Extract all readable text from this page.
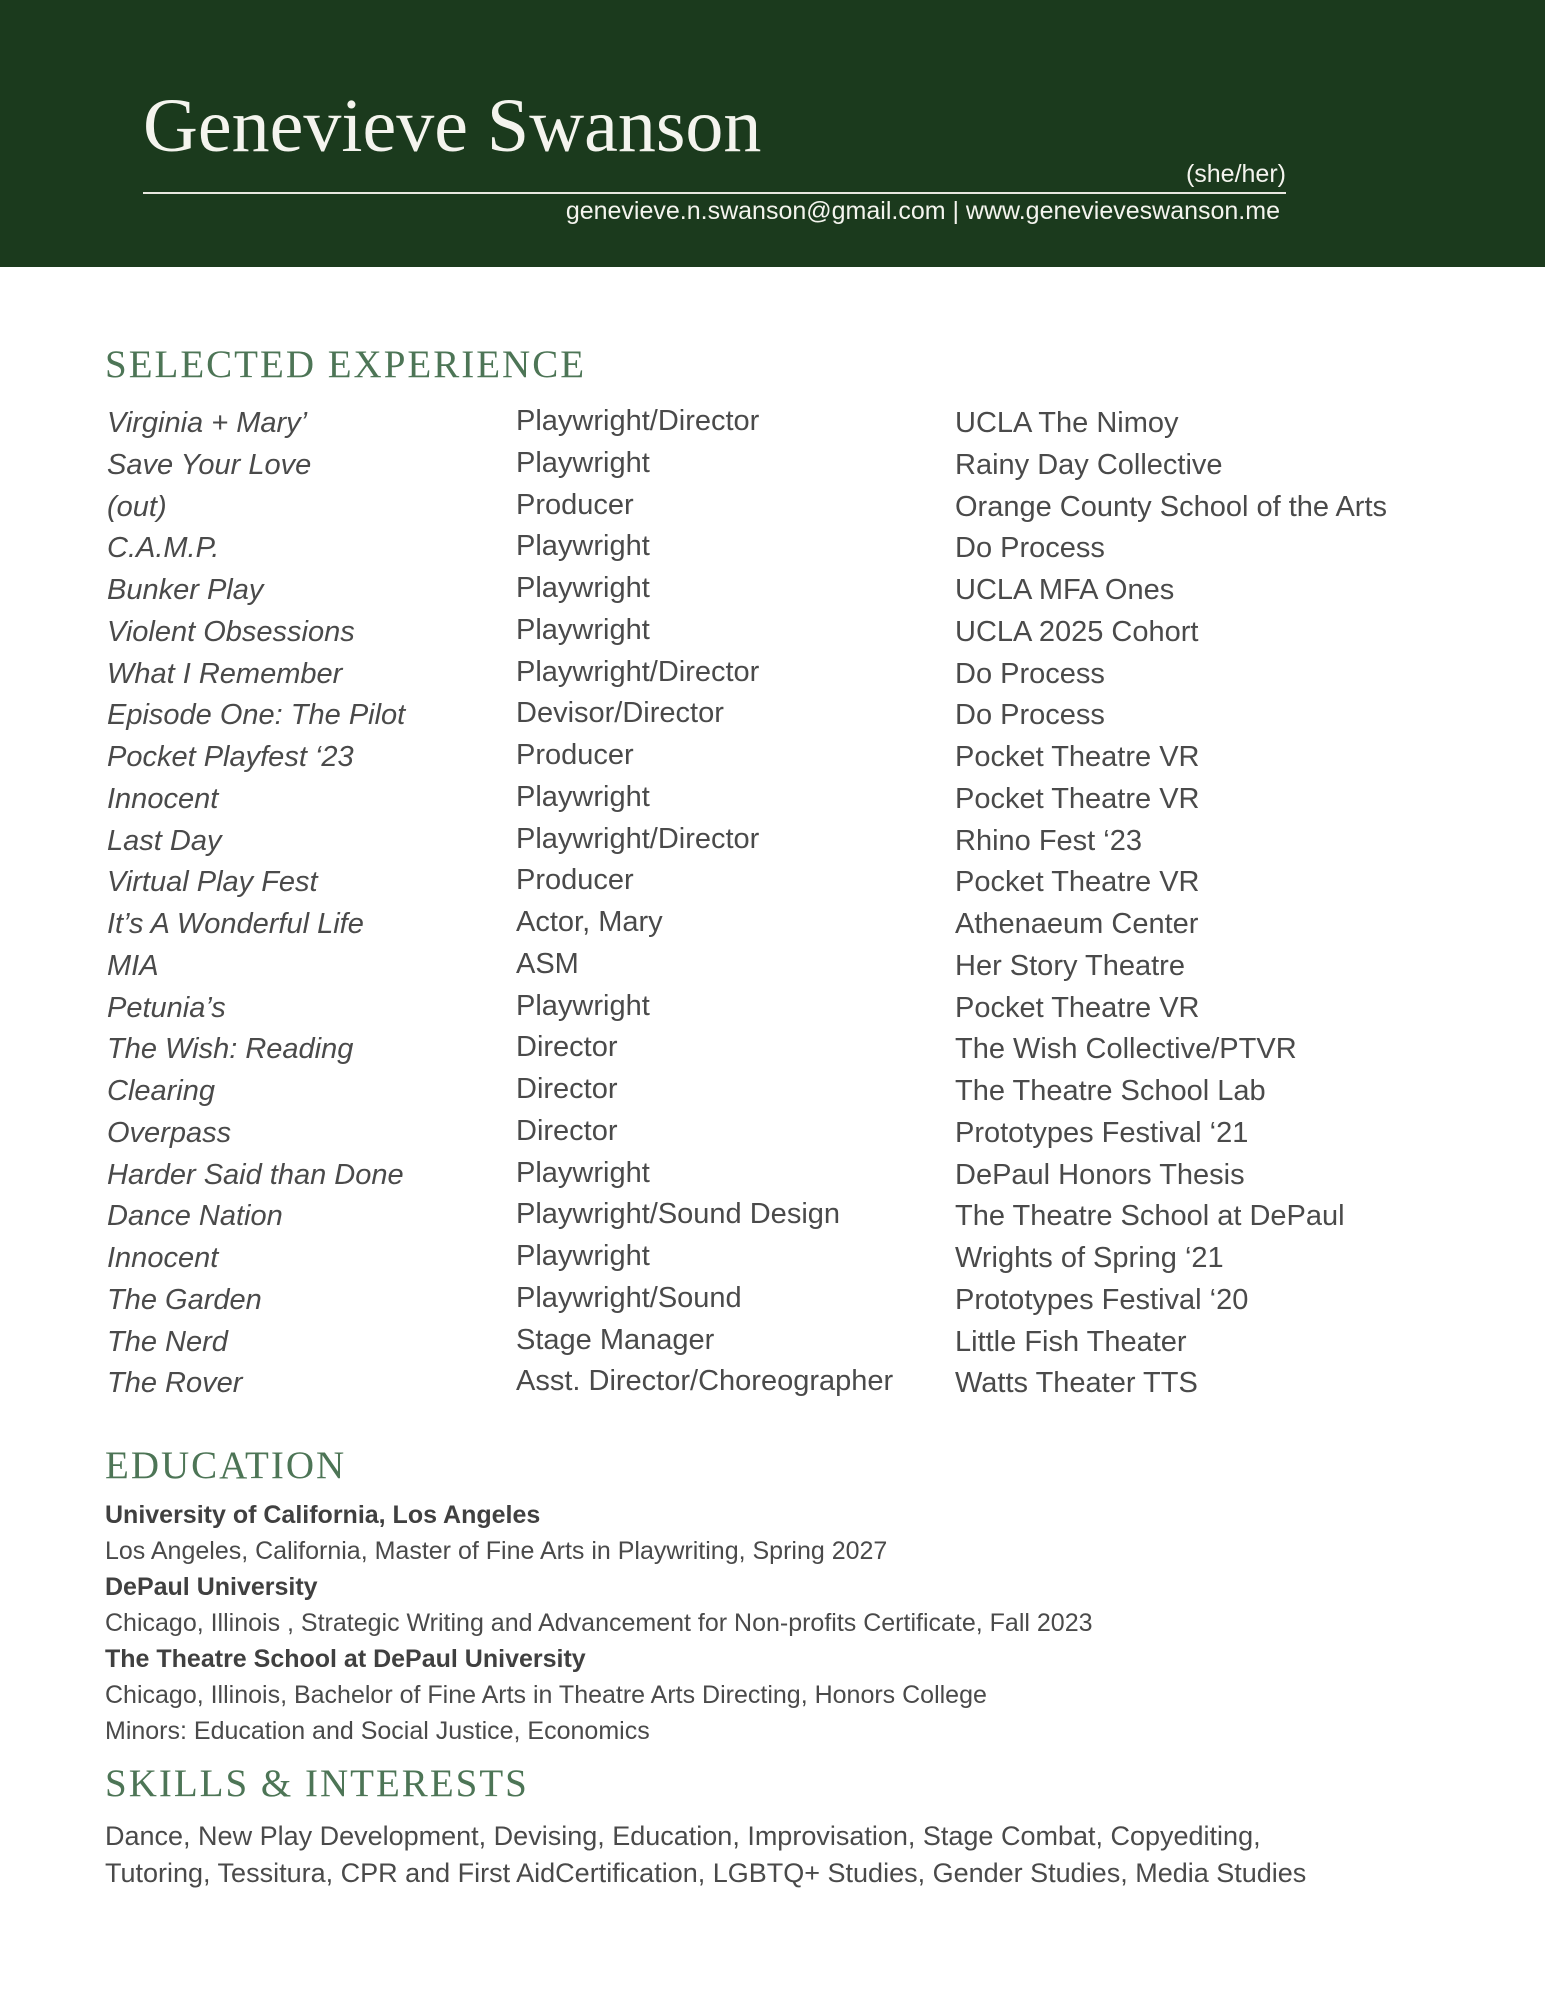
Genevieve Swanson
(she/her)
genevieve.n.swanson@gmail.com | www.genevieveswanson.me
SELECTED EXPERIENCE
Virginia + Mary’	Playwright/Director	UCLA The Nimoy
Save Your Love	Playwright	Rainy Day Collective
(out)	Producer	Orange County School of the Arts
C.A.M.P.	Playwright	Do Process
Bunker Play	Playwright	UCLA MFA Ones
Violent Obsessions	Playwright	UCLA 2025 Cohort
What I Remember	Playwright/Director	Do Process
Episode One: The Pilot	Devisor/Director	Do Process
Pocket Playfest ‘23	Producer	Pocket Theatre VR
Innocent	Playwright	Pocket Theatre VR
Last Day	Playwright/Director	Rhino Fest ‘23
Virtual Play Fest	Producer	Pocket Theatre VR
It’s A Wonderful Life	Actor, Mary	Athenaeum Center
MIA	ASM	Her Story Theatre
Petunia’s	Playwright	Pocket Theatre VR
The Wish: Reading	Director	The Wish Collective/PTVR
Clearing	Director	The Theatre School Lab
Overpass	Director	Prototypes Festival ‘21
Harder Said than Done	Playwright	DePaul Honors Thesis
Dance Nation	Playwright/Sound Design	The Theatre School at DePaul
Innocent	Playwright	Wrights of Spring ‘21
The Garden	Playwright/Sound	Prototypes Festival ‘20
The Nerd	Stage Manager	Little Fish Theater
The Rover	Asst. Director/Choreographer Watts Theater TTS
EDUCATION
University of California, Los Angeles
Los Angeles, California, Master of Fine Arts in Playwriting, Spring 2027
DePaul University
Chicago, Illinois , Strategic Writing and Advancement for Non-profits Certificate, Fall 2023
The Theatre School at DePaul University
Chicago, Illinois, Bachelor of Fine Arts in Theatre Arts Directing, Honors College
Minors: Education and Social Justice, Economics
SKILLS & INTERESTS
Dance, New Play Development, Devising, Education, Improvisation, Stage Combat, Copyediting,
Tutoring, Tessitura, CPR and First AidCertification, LGBTQ+ Studies, Gender Studies, Media Studies
